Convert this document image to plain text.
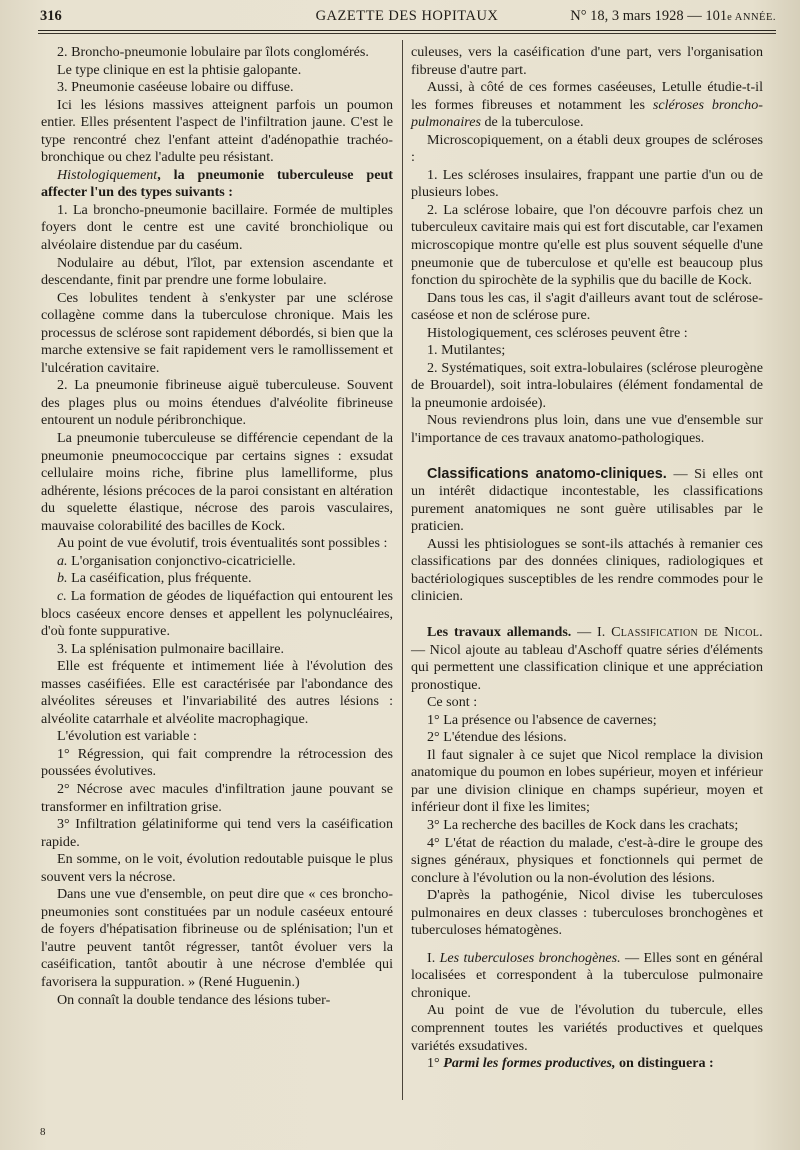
316	GAZETTE DES HOPITAUX	N° 18, 3 mars 1928 — 101e ANNÉE.

2. Broncho-pneumonie lobulaire par îlots conglomérés.

Le type clinique en est la phtisie galopante.

3. Pneumonie caséeuse lobaire ou diffuse.

Ici les lésions massives atteignent parfois un poumon entier. Elles présentent l'aspect de l'infiltration jaune. C'est le type rencontré chez l'enfant atteint d'adénopathie trachéo-bronchique ou chez l'adulte peu résistant.

Histologiquement, la pneumonie tuberculeuse peut affecter l'un des types suivants :

1. La broncho-pneumonie bacillaire. Formée de multiples foyers dont le centre est une cavité bronchiolique ou alvéolaire distendue par du caséum.

Nodulaire au début, l'îlot, par extension ascendante et descendante, finit par prendre une forme lobulaire.

Ces lobulites tendent à s'enkyster par une sclérose collagène comme dans la tuberculose chronique. Mais les processus de sclérose sont rapidement débordés, si bien que la marche extensive se fait rapidement vers le ramollissement et l'ulcération cavitaire.

2. La pneumonie fibrineuse aiguë tuberculeuse. Souvent des plages plus ou moins étendues d'alvéolite fibrineuse entourent un nodule péribronchique.

La pneumonie tuberculeuse se différencie cependant de la pneumonie pneumococcique par certains signes : exsudat cellulaire moins riche, fibrine plus lamelliforme, plus adhérente, lésions précoces de la paroi consistant en altération du squelette élastique, nécrose des parois vasculaires, mauvaise colorabilité des bacilles de Kock.

Au point de vue évolutif, trois éventualités sont possibles :

a. L'organisation conjonctivo-cicatricielle.

b. La caséification, plus fréquente.

c. La formation de géodes de liquéfaction qui entourent les blocs caséeux encore denses et appellent les polynucléaires, d'où fonte suppurative.

3. La splénisation pulmonaire bacillaire.

Elle est fréquente et intimement liée à l'évolution des masses caséifiées. Elle est caractérisée par l'abondance des alvéolites séreuses et l'invariabilité des autres lésions : alvéolite catarrhale et alvéolite macrophagique.

L'évolution est variable :

1° Régression, qui fait comprendre la rétrocession des poussées évolutives.

2° Nécrose avec macules d'infiltration jaune pouvant se transformer en infiltration grise.

3° Infiltration gélatiniforme qui tend vers la caséification rapide.

En somme, on le voit, évolution redoutable puisque le plus souvent vers la nécrose.

Dans une vue d'ensemble, on peut dire que « ces broncho-pneumonies sont constituées par un nodule caséeux entouré de foyers d'hépatisation fibrineuse ou de splénisation; l'un et l'autre peuvent tantôt régresser, tantôt évoluer vers la caséification, tantôt aboutir à une nécrose d'emblée qui favorisera la suppuration. » (René Huguenin.)

On connaît la double tendance des lésions tuber-

culeuses, vers la caséification d'une part, vers l'organisation fibreuse d'autre part.

Aussi, à côté de ces formes caséeuses, Letulle étudie-t-il les formes fibreuses et notamment les scléroses broncho-pulmonaires de la tuberculose.

Microscopiquement, on a établi deux groupes de scléroses :

1. Les scléroses insulaires, frappant une partie d'un ou de plusieurs lobes.

2. La sclérose lobaire, que l'on découvre parfois chez un tuberculeux cavitaire mais qui est fort discutable, car l'examen microscopique montre qu'elle est plus souvent séquelle d'une pneumonie que de tuberculose et qu'elle est beaucoup plus fonction du spirochète de la syphilis que du bacille de Kock.

Dans tous les cas, il s'agit d'ailleurs avant tout de sclérose-caséose et non de sclérose pure.

Histologiquement, ces scléroses peuvent être :

1. Mutilantes;

2. Systématiques, soit extra-lobulaires (sclérose pleurogène de Brouardel), soit intra-lobulaires (élément fondamental de la pneumonie ardoisée).

Nous reviendrons plus loin, dans une vue d'ensemble sur l'importance de ces travaux anatomo-pathologiques.

Classifications anatomo-cliniques. — Si elles ont un intérêt didactique incontestable, les classifications purement anatomiques ne sont guère utilisables par le praticien.

Aussi les phtisiologues se sont-ils attachés à remanier ces classifications par des données cliniques, radiologiques et bactériologiques susceptibles de les rendre commodes pour le clinicien.

Les travaux allemands. — I. Classification de Nicol. — Nicol ajoute au tableau d'Aschoff quatre séries d'éléments qui permettent une classification clinique et une appréciation pronostique.

Ce sont :

1° La présence ou l'absence de cavernes;

2° L'étendue des lésions.

Il faut signaler à ce sujet que Nicol remplace la division anatomique du poumon en lobes supérieur, moyen et inférieur par une division clinique en champs supérieur, moyen et inférieur dont il fixe les limites;

3° La recherche des bacilles de Kock dans les crachats;

4° L'état de réaction du malade, c'est-à-dire le groupe des signes généraux, physiques et fonctionnels qui permet de conclure à l'évolution ou la non-évolution des lésions.

D'après la pathogénie, Nicol divise les tuberculoses pulmonaires en deux classes : tuberculoses bronchogènes et tuberculoses hématogènes.

I. Les tuberculoses bronchogènes. — Elles sont en général localisées et correspondent à la tuberculose pulmonaire chronique.

Au point de vue de l'évolution du tubercule, elles comprennent toutes les variétés productives et quelques variétés exsudatives.

1° Parmi les formes productives, on distinguera :

8
